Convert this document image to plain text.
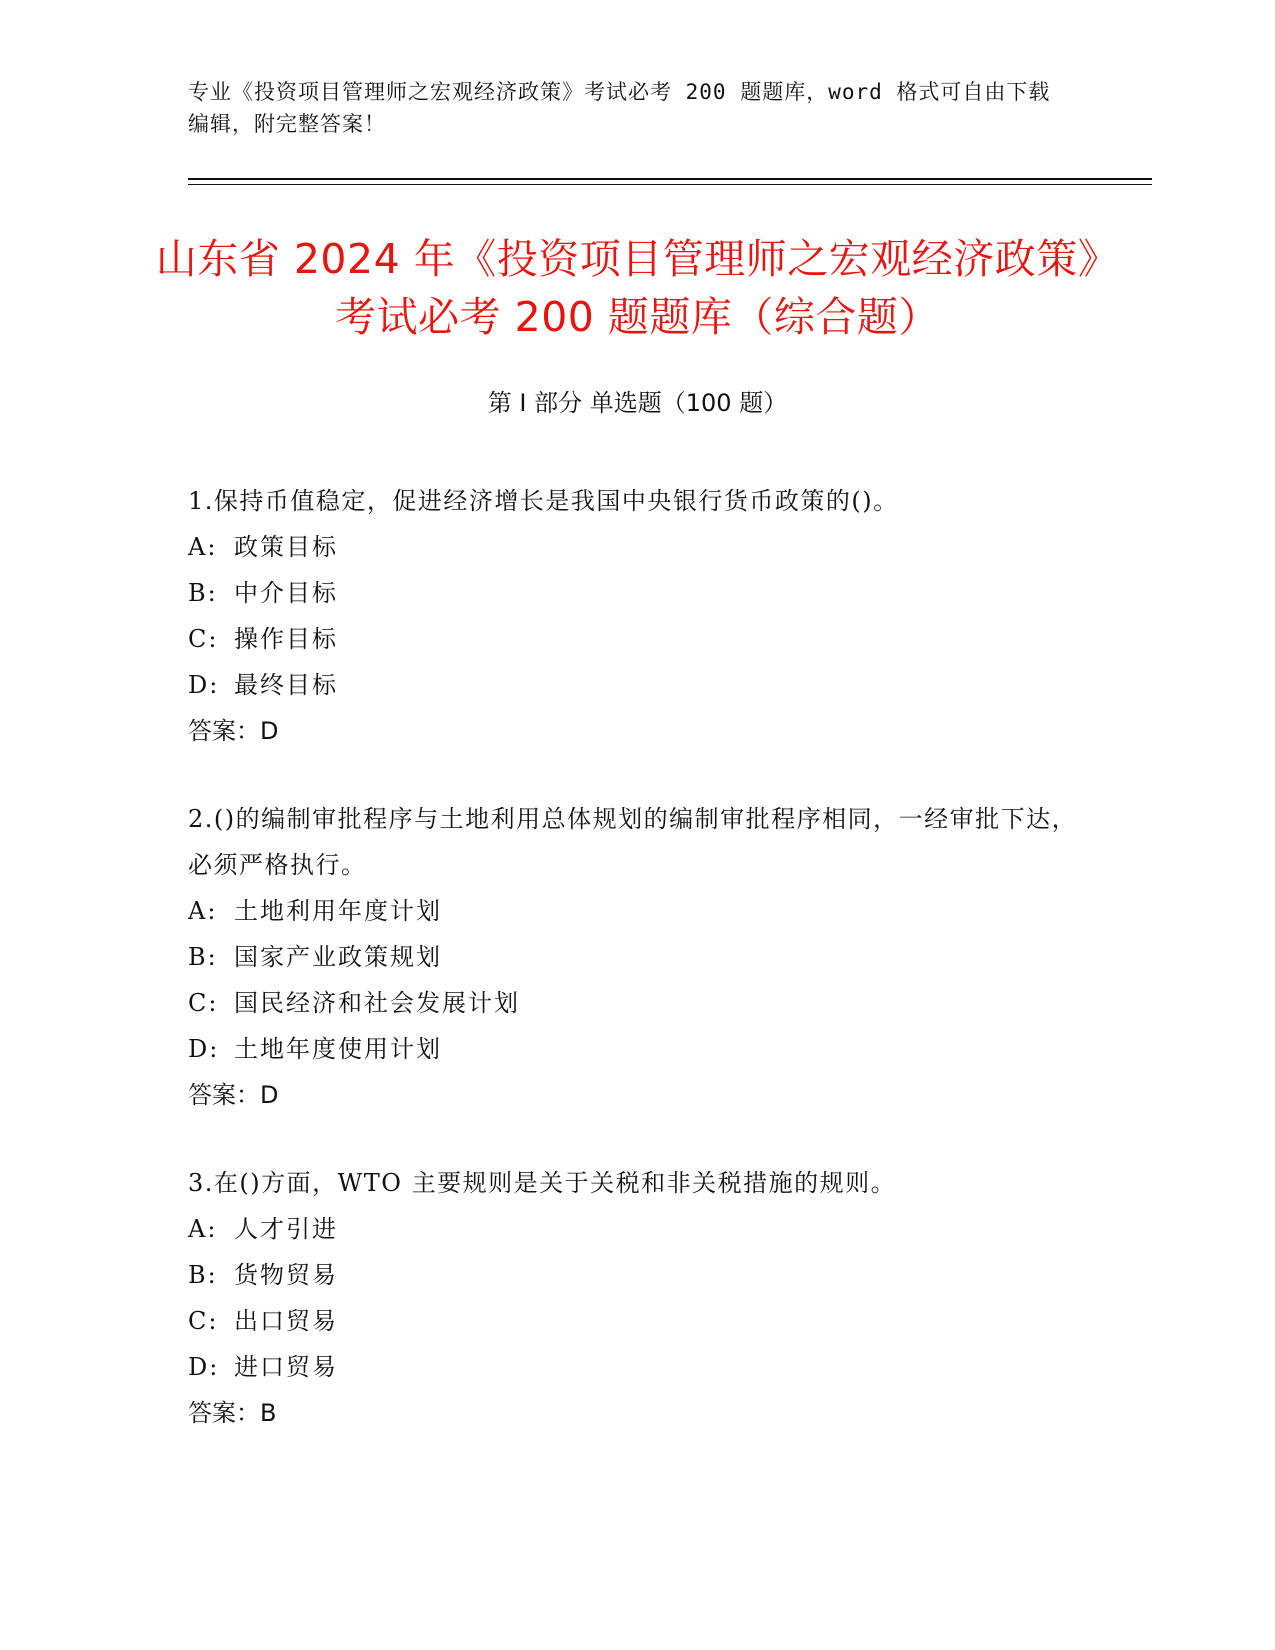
专业《投资项目管理师之宏观经济政策》考试必考 200 题题库，word 格式可自由下载编辑，附完整答案！
山东省 2024 年《投资项目管理师之宏观经济政策》考试必考 200 题题库（综合题）
第 I 部分 单选题（100 题）

1.保持币值稳定，促进经济增长是我国中央银行货币政策的()。

A: 政策目标
B: 中介目标
C: 操作目标
D: 最终目标
答案：D

2.()的编制审批程序与土地利用总体规划的编制审批程序相同，一经审批下达，必须严格执行。

A: 土地利用年度计划
B: 国家产业政策规划
C: 国民经济和社会发展计划
D: 土地年度使用计划
答案：D

3.在()方面，WTO 主要规则是关于关税和非关税措施的规则。

A: 人才引进
B: 货物贸易
C: 出口贸易
D: 进口贸易
答案：B
